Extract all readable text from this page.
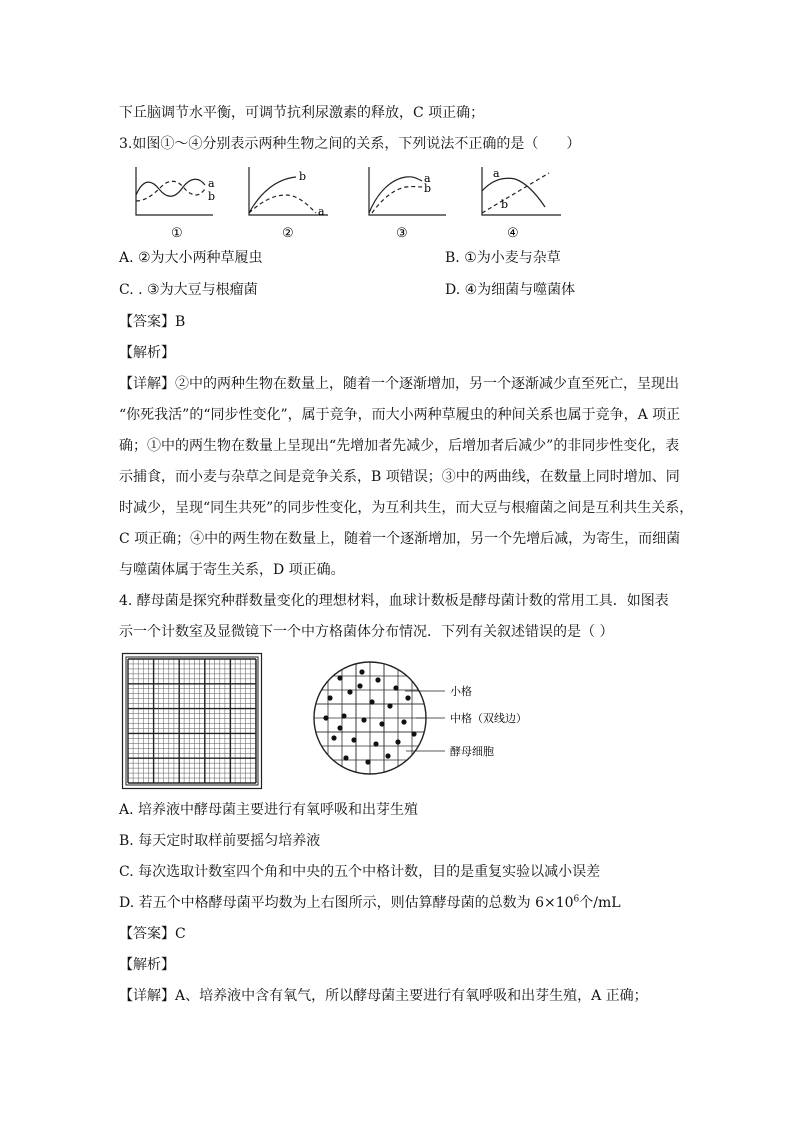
下丘脑调节水平衡，可调节抗利尿激素的释放，C 项正确；
3.如图①～④分别表示两种生物之间的关系，下列说法不正确的是（　　）
a
b
①
b
a
②
a
b
③
a
b
④
A. ②为大小两种草履虫	B. ①为小麦与杂草
C. . ③为大豆与根瘤菌	D. ④为细菌与噬菌体
【答案】B
【解析】
【详解】②中的两种生物在数量上，随着一个逐渐增加，另一个逐渐减少直至死亡，呈现出
“你死我活”的“同步性变化”，属于竞争，而大小两种草履虫的种间关系也属于竞争，A 项正
确；①中的两生物在数量上呈现出“先增加者先减少，后增加者后减少”的非同步性变化，表
示捕食，而小麦与杂草之间是竞争关系，B 项错误；③中的两曲线，在数量上同时增加、同
时减少，呈现“同生共死”的同步性变化，为互利共生，而大豆与根瘤菌之间是互利共生关系，
C 项正确；④中的两生物在数量上，随着一个逐渐增加，另一个先增后减，为寄生，而细菌
与噬菌体属于寄生关系，D 项正确。
4. 酵母菌是探究种群数量变化的理想材料，血球计数板是酵母菌计数的常用工具．如图表
示一个计数室及显微镜下一个中方格菌体分布情况．下列有关叙述错误的是（ ）
小格
中格（双线边）
酵母细胞
A. 培养液中酵母菌主要进行有氧呼吸和出芽生殖
B. 每天定时取样前要摇匀培养液
C. 每次选取计数室四个角和中央的五个中格计数，目的是重复实验以减小误差
D. 若五个中格酵母菌平均数为上右图所示，则估算酵母菌的总数为 $6\times 10^6$个/mL
【答案】C
【解析】
【详解】A、培养液中含有氧气，所以酵母菌主要进行有氧呼吸和出芽生殖，A 正确；
